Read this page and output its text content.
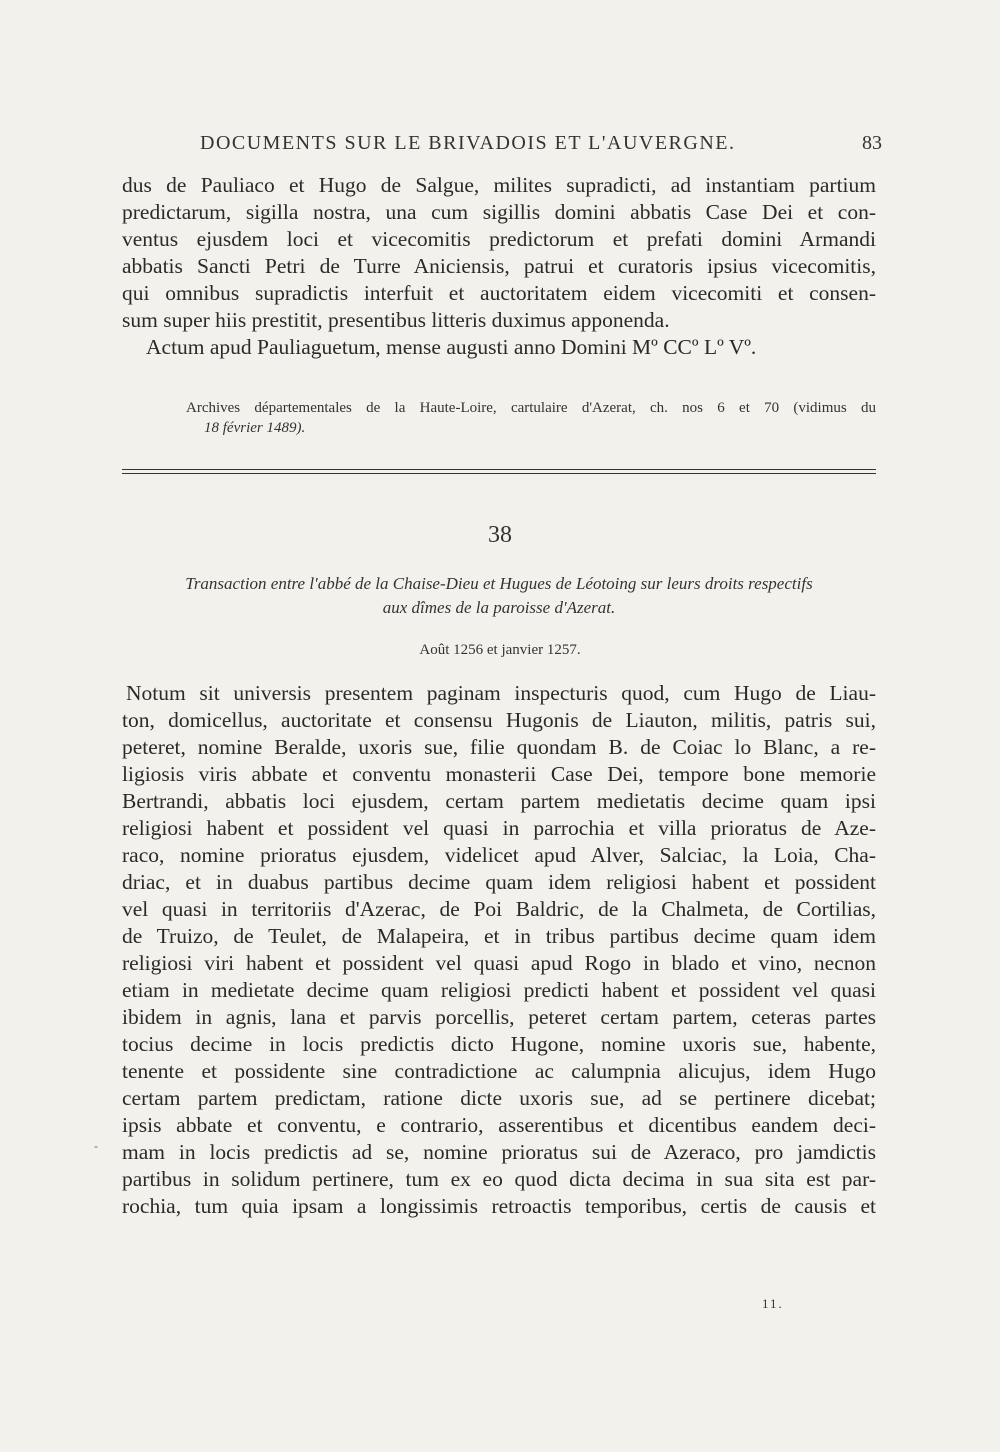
DOCUMENTS SUR LE BRIVADOIS ET L'AUVERGNE.	83
dus de Pauliaco et Hugo de Salgue, milites supradicti, ad instantiam partium
predictarum, sigilla nostra, una cum sigillis domini abbatis Case Dei et con-
ventus ejusdem loci et vicecomitis predictorum et prefati domini Armandi
abbatis Sancti Petri de Turre Aniciensis, patrui et curatoris ipsius vicecomitis,
qui omnibus supradictis interfuit et auctoritatem eidem vicecomiti et consen-
sum super hiis prestitit, presentibus litteris duximus apponenda.
Actum apud Pauliaguetum, mense augusti anno Domini Mº CCº Lº Vº.
Archives départementales de la Haute-Loire, cartulaire d'Azerat, ch. nos 6 et 70 (vidimus du
18 février 1489).
38
Transaction entre l'abbé de la Chaise-Dieu et Hugues de Léotoing sur leurs droits respectifs
aux dîmes de la paroisse d'Azerat.
Août 1256 et janvier 1257.
Notum sit universis presentem paginam inspecturis quod, cum Hugo de Liau-
ton, domicellus, auctoritate et consensu Hugonis de Liauton, militis, patris sui,
peteret, nomine Beralde, uxoris sue, filie quondam B. de Coiac lo Blanc, a re-
ligiosis viris abbate et conventu monasterii Case Dei, tempore bone memorie
Bertrandi, abbatis loci ejusdem, certam partem medietatis decime quam ipsi
religiosi habent et possident vel quasi in parrochia et villa prioratus de Aze-
raco, nomine prioratus ejusdem, videlicet apud Alver, Salciac, la Loia, Cha-
driac, et in duabus partibus decime quam idem religiosi habent et possident
vel quasi in territoriis d'Azerac, de Poi Baldric, de la Chalmeta, de Cortilias,
de Truizo, de Teulet, de Malapeira, et in tribus partibus decime quam idem
religiosi viri habent et possident vel quasi apud Rogo in blado et vino, necnon
etiam in medietate decime quam religiosi predicti habent et possident vel quasi
ibidem in agnis, lana et parvis porcellis, peteret certam partem, ceteras partes
tocius decime in locis predictis dicto Hugone, nomine uxoris sue, habente,
tenente et possidente sine contradictione ac calumpnia alicujus, idem Hugo
certam partem predictam, ratione dicte uxoris sue, ad se pertinere dicebat;
ipsis abbate et conventu, e contrario, asserentibus et dicentibus eandem deci-
mam in locis predictis ad se, nomine prioratus sui de Azeraco, pro jamdictis
partibus in solidum pertinere, tum ex eo quod dicta decima in sua sita est par-
rochia, tum quia ipsam a longissimis retroactis temporibus, certis de causis et
-
11.
